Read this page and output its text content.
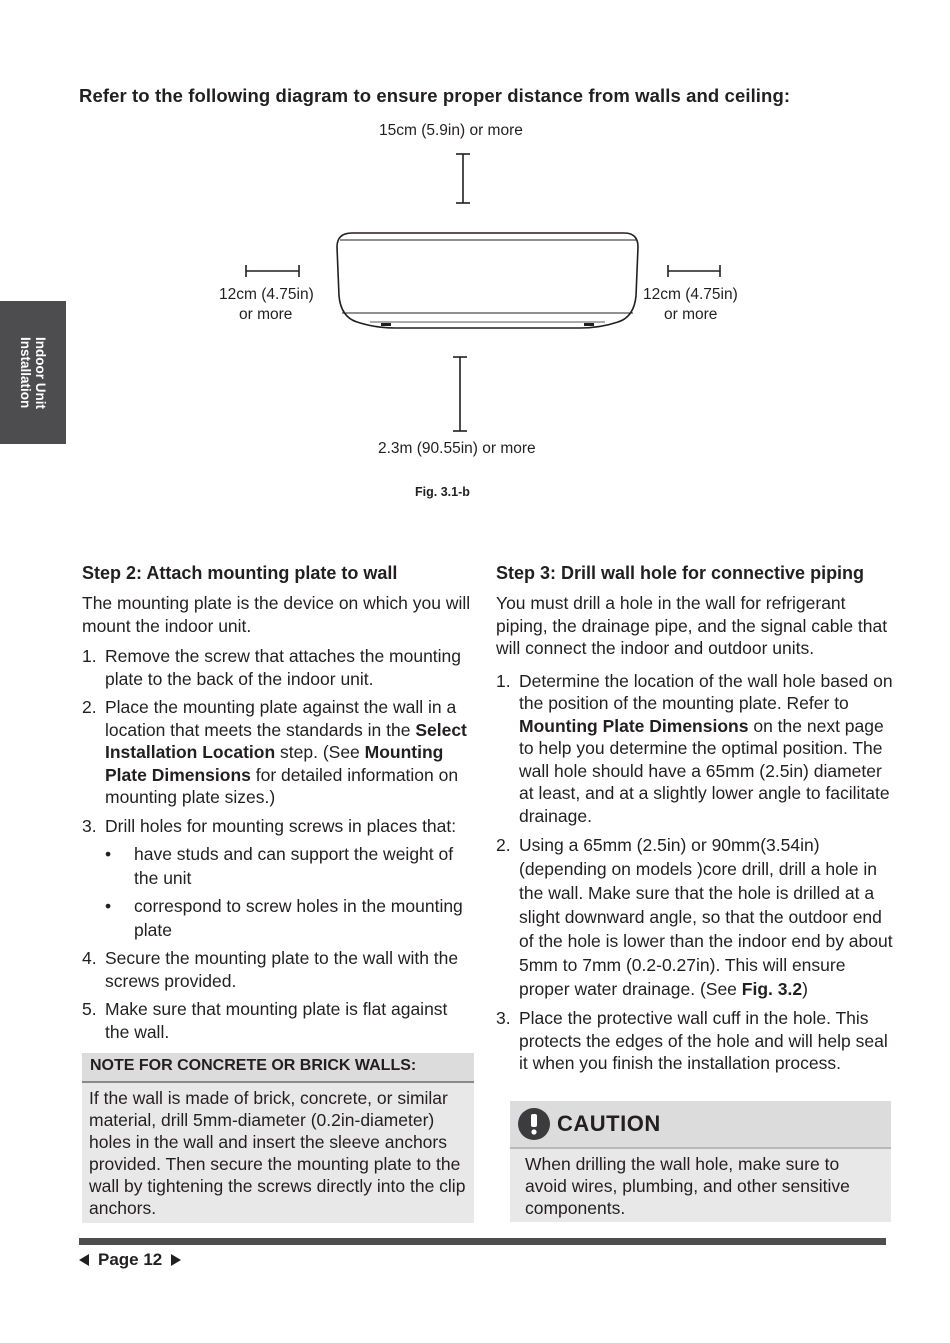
Indoor Unit
Installation
Refer to the following diagram to ensure proper distance from walls and ceiling:
15cm (5.9in) or more
12cm (4.75in)
or more
12cm (4.75in)
or more
2.3m (90.55in) or more
Fig. 3.1-b
Step 2: Attach mounting plate to wall
The mounting plate is the device on which you will mount the indoor unit.
1. Remove the screw that attaches the mounting plate to the back of the indoor unit.
2. Place the mounting plate against the wall in a location that meets the standards in the Select Installation Location step. (See Mounting Plate Dimensions for detailed information on mounting plate sizes.)
3. Drill holes for mounting screws in places that:
•	have studs and can support the weight of the unit
•	correspond to screw holes in the mounting plate
4. Secure the mounting plate to the wall with the screws provided.
5. Make sure that mounting plate is flat against the wall.
NOTE FOR CONCRETE OR BRICK WALLS:
If the wall is made of brick, concrete, or similar material, drill 5mm-diameter (0.2in-diameter) holes in the wall and insert the sleeve anchors provided. Then secure the mounting plate to the wall by tightening the screws directly into the clip anchors.
Step 3: Drill wall hole for connective piping
You must drill a hole in the wall for refrigerant piping, the drainage pipe, and the signal cable that will connect the indoor and outdoor units.
1. Determine the location of the wall hole based on the position of the mounting plate. Refer to Mounting Plate Dimensions on the next page to help you determine the optimal position. The wall hole should have a 65mm (2.5in) diameter at least, and at a slightly lower angle to facilitate drainage.
2. Using a 65mm (2.5in) or 90mm(3.54in) (depending on models )core drill, drill a hole in the wall. Make sure that the hole is drilled at a slight downward angle, so that the outdoor end of the hole is lower than the indoor end by about 5mm to 7mm (0.2-0.27in). This will ensure proper water drainage. (See Fig. 3.2)
3. Place the protective wall cuff in the hole. This protects the edges of the hole and will help seal it when you finish the installation process.
CAUTION
When drilling the wall hole, make sure to avoid wires, plumbing, and other sensitive components.
Page 12
